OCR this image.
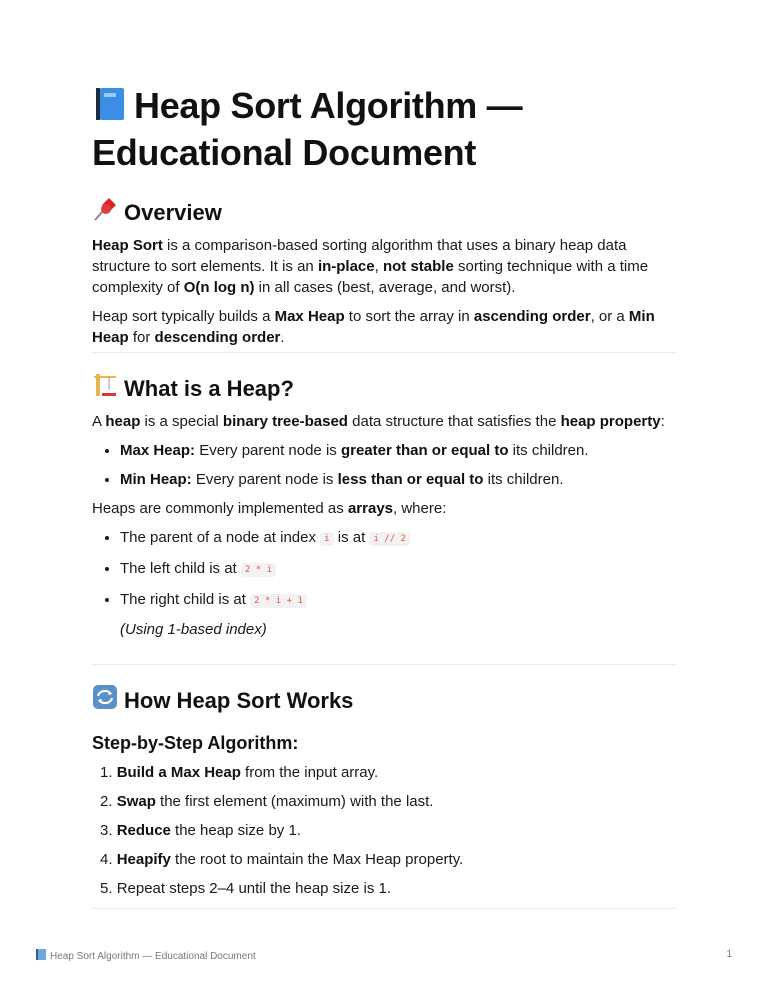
Heap Sort Algorithm — Educational Document
Overview

Heap Sort is a comparison-based sorting algorithm that uses a binary heap data structure to sort elements. It is an in-place, not stable sorting technique with a time complexity of O(n log n) in all cases (best, average, and worst).

Heap sort typically builds a Max Heap to sort the array in ascending order, or a Min Heap for descending order.

What is a Heap?

A heap is a special binary tree-based data structure that satisfies the heap property:

• Max Heap: Every parent node is greater than or equal to its children.
• Min Heap: Every parent node is less than or equal to its children.

Heaps are commonly implemented as arrays, where:

• The parent of a node at index i is at i // 2
• The left child is at 2 * i
• The right child is at 2 * i + 1
(Using 1-based index)
How Heap Sort Works
Step-by-Step Algorithm:

1. Build a Max Heap from the input array.

2. Swap the first element (maximum) with the last.

3. Reduce the heap size by 1.

4. Heapify the root to maintain the Max Heap property.

5. Repeat steps 2–4 until the heap size is 1.

Heap Sort Algorithm — Educational Document	1
